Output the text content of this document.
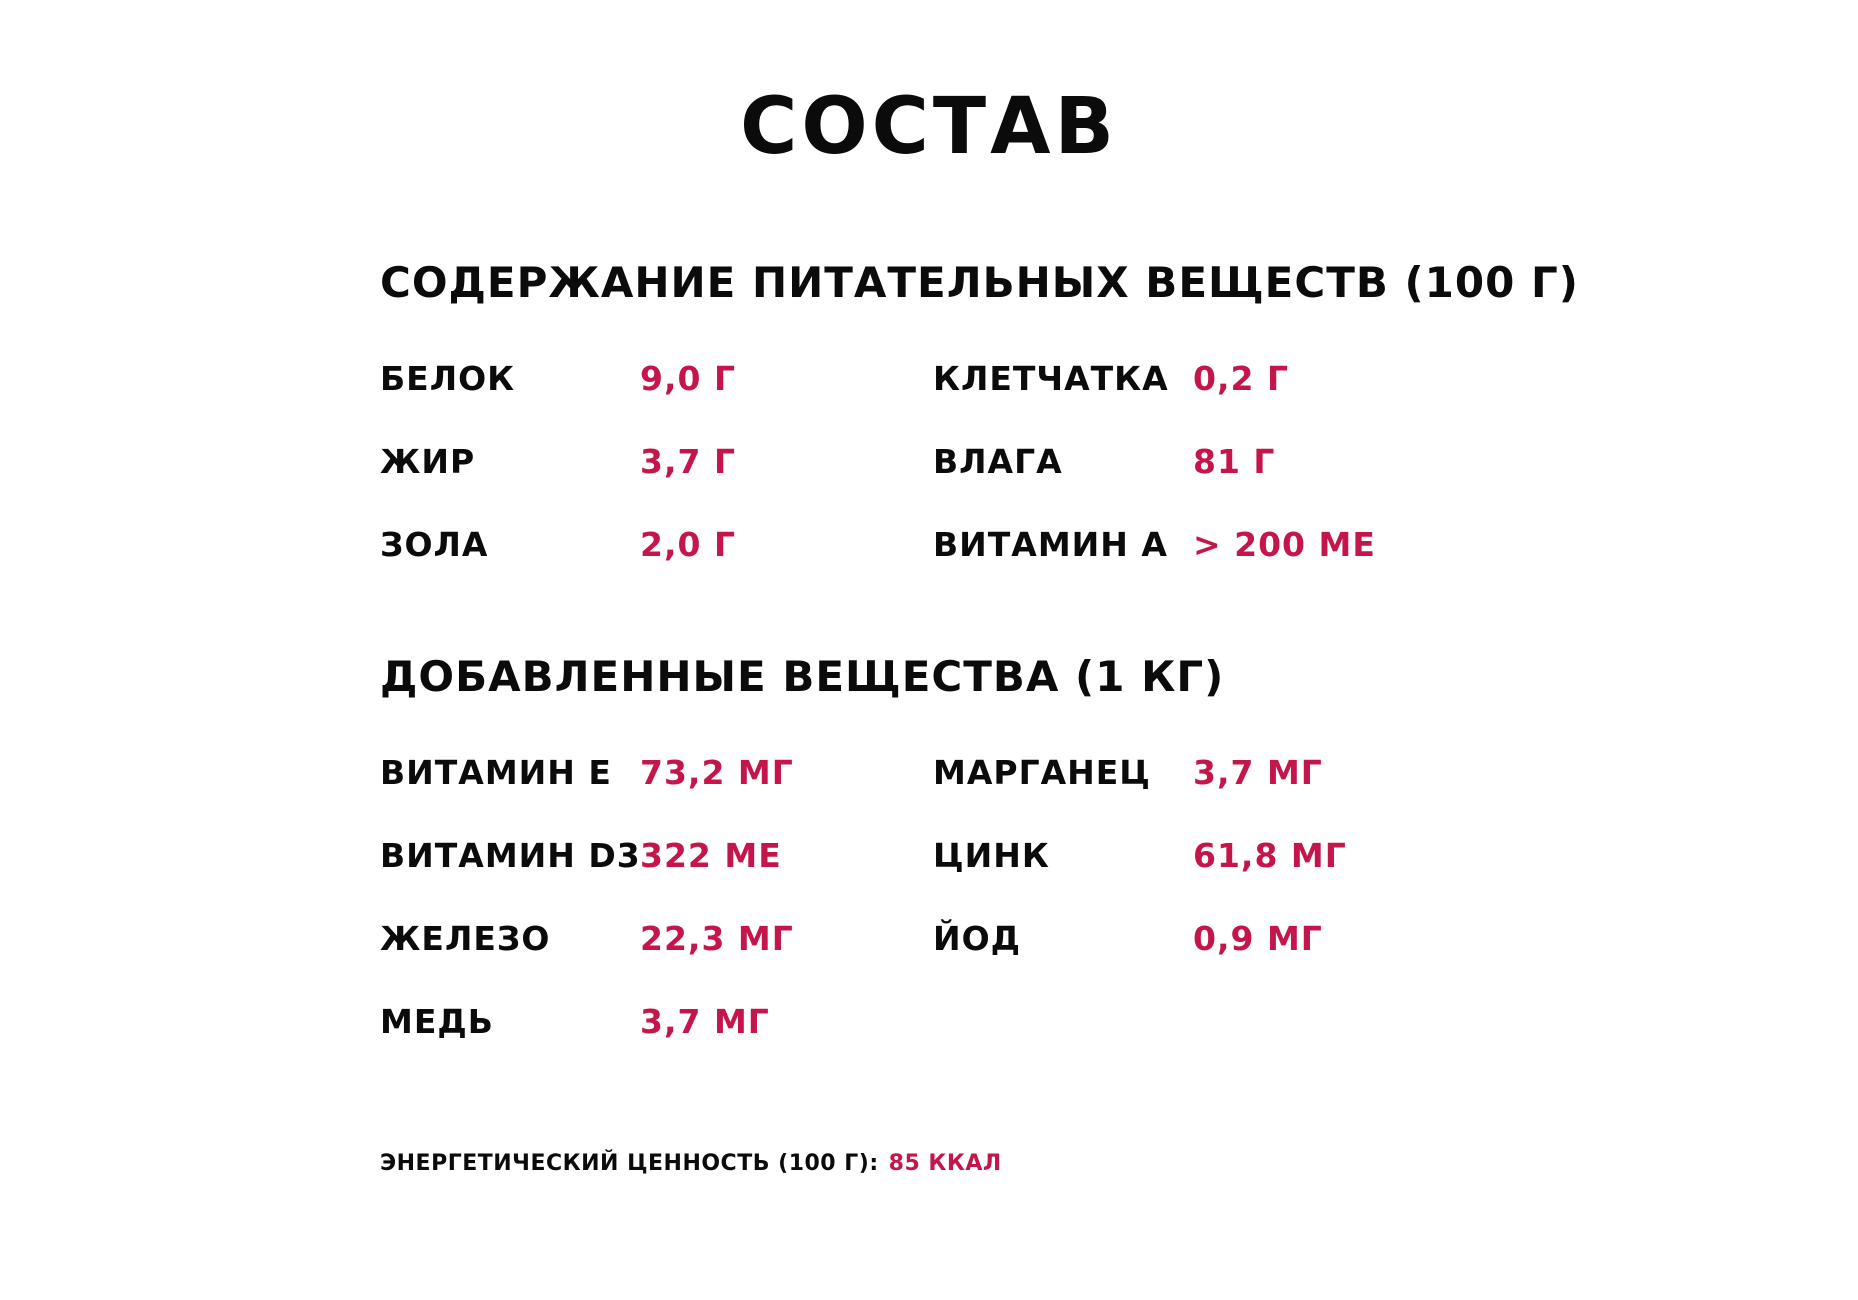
СОСТАВ
СОДЕРЖАНИЕ ПИТАТЕЛЬНЫХ ВЕЩЕСТВ (100 Г)
БЕЛОК	9,0 Г	КЛЕТЧАТКА 0,2 Г
ЖИР	3,7 Г	ВЛАГА	81 Г
ЗОЛА	2,0 Г	ВИТАМИН А > 200 МЕ
ДОБАВЛЕННЫЕ ВЕЩЕСТВА (1 КГ)
ВИТАМИН Е 73,2 МГ	МАРГАНЕЦ 3,7 МГ
ВИТАМИН D3 322 МЕ	ЦИНК	61,8 МГ
ЖЕЛЕЗО	22,3 МГ	ЙОД	0,9 МГ
МЕДЬ	3,7 МГ
ЭНЕРГЕТИЧЕСКИЙ ЦЕННОСТЬ (100 Г): 85 ККАЛ
